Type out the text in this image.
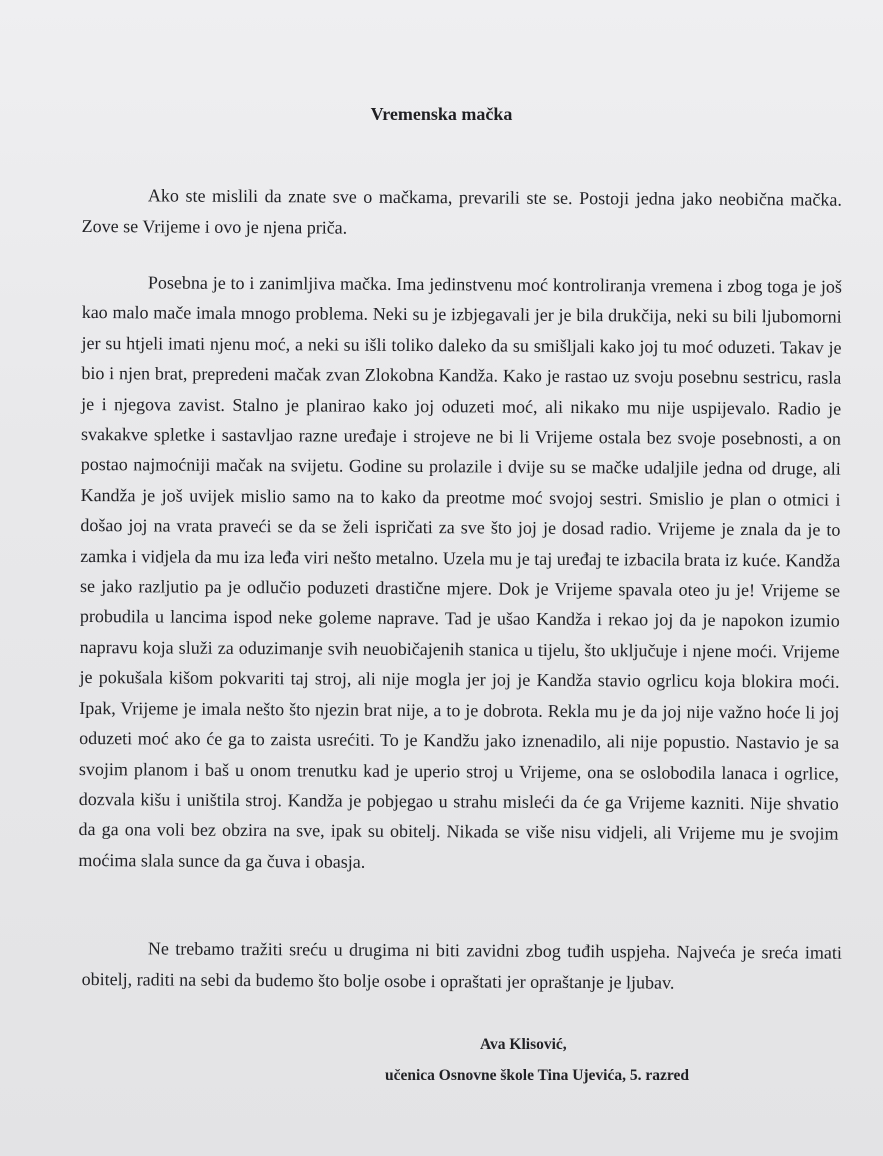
Vremenska mačka

Ako ste mislili da znate sve o mačkama, prevarili ste se. Postoji jedna jako neobična mačka. Zove se Vrijeme i ovo je njena priča.

Posebna je to i zanimljiva mačka. Ima jedinstvenu moć kontroliranja vremena i zbog toga je još kao malo mače imala mnogo problema. Neki su je izbjegavali jer je bila drukčija, neki su bili ljubomorni jer su htjeli imati njenu moć, a neki su išli toliko daleko da su smišljali kako joj tu moć oduzeti. Takav je bio i njen brat, prepredeni mačak zvan Zlokobna Kandža. Kako je rastao uz svoju posebnu sestricu, rasla je i njegova zavist. Stalno je planirao kako joj oduzeti moć, ali nikako mu nije uspijevalo. Radio je svakakve spletke i sastavljao razne uređaje i strojeve ne bi li Vrijeme ostala bez svoje posebnosti, a on postao najmoćniji mačak na svijetu. Godine su prolazile i dvije su se mačke udaljile jedna od druge, ali Kandža je još uvijek mislio samo na to kako da preotme moć svojoj sestri. Smislio je plan o otmici i došao joj na vrata praveći se da se želi ispričati za sve što joj je dosad radio. Vrijeme je znala da je to zamka i vidjela da mu iza leđa viri nešto metalno. Uzela mu je taj uređaj te izbacila brata iz kuće. Kandža se jako razljutio pa je odlučio poduzeti drastične mjere. Dok je Vrijeme spavala oteo ju je! Vrijeme se probudila u lancima ispod neke goleme naprave. Tad je ušao Kandža i rekao joj da je napokon izumio napravu koja služi za oduzimanje svih neuobičajenih stanica u tijelu, što uključuje i njene moći. Vrijeme je pokušala kišom pokvariti taj stroj, ali nije mogla jer joj je Kandža stavio ogrlicu koja blokira moći. Ipak, Vrijeme je imala nešto što njezin brat nije, a to je dobrota. Rekla mu je da joj nije važno hoće li joj oduzeti moć ako će ga to zaista usrećiti. To je Kandžu jako iznenadilo, ali nije popustio. Nastavio je sa svojim planom i baš u onom trenutku kad je uperio stroj u Vrijeme, ona se oslobodila lanaca i ogrlice, dozvala kišu i uništila stroj. Kandža je pobjegao u strahu misleći da će ga Vrijeme kazniti. Nije shvatio da ga ona voli bez obzira na sve, ipak su obitelj. Nikada se više nisu vidjeli, ali Vrijeme mu je svojim moćima slala sunce da ga čuva i obasja.

Ne trebamo tražiti sreću u drugima ni biti zavidni zbog tuđih uspjeha. Najveća je sreća imati obitelj, raditi na sebi da budemo što bolje osobe i opraštati jer opraštanje je ljubav.

Ava Klisović,
učenica Osnovne škole Tina Ujevića, 5. razred
